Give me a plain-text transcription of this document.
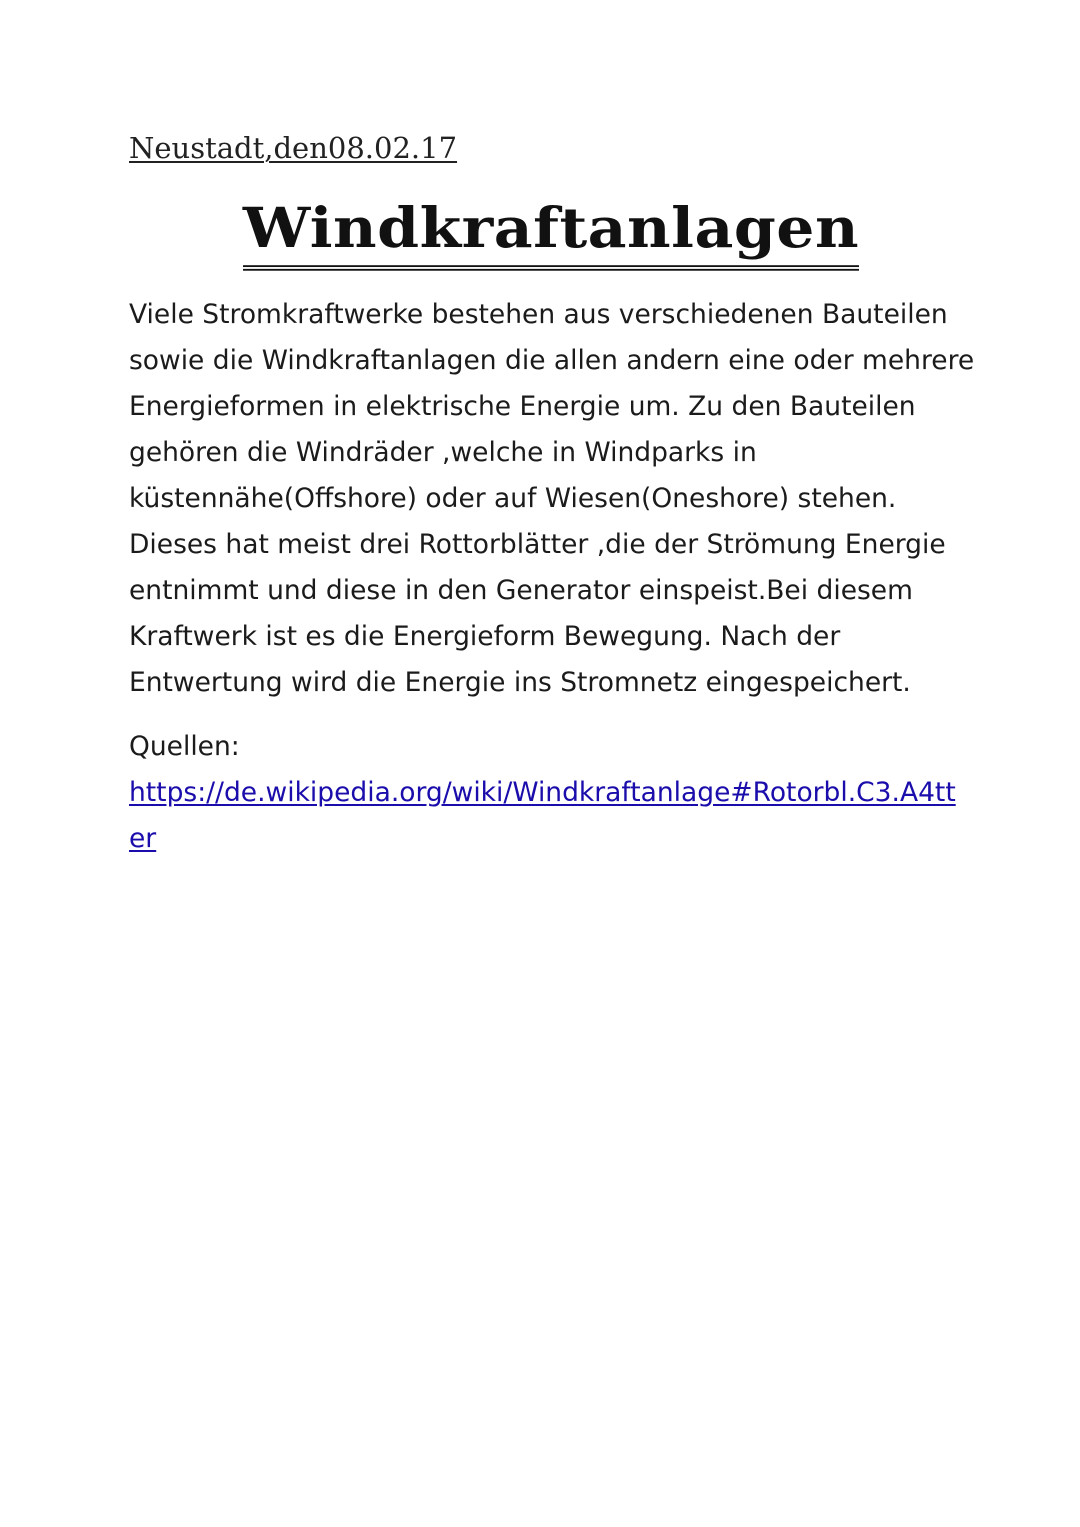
Neustadt,den08.02.17

Windkraftanlagen

Viele Stromkraftwerke bestehen aus verschiedenen Bauteilen sowie die Windkraftanlagen die allen andern eine oder mehrere Energieformen in elektrische Energie um. Zu den Bauteilen gehören die Windräder ,welche in Windparks in küstennähe(Offshore) oder auf Wiesen(Oneshore) stehen. Dieses hat meist drei Rottorblätter ,die der Strömung Energie entnimmt und diese in den Generator einspeist.Bei diesem Kraftwerk ist es die Energieform Bewegung. Nach der Entwertung wird die Energie ins Stromnetz eingespeichert.

Quellen:

https://de.wikipedia.org/wiki/Windkraftanlage#Rotorbl.C3.A4tter
